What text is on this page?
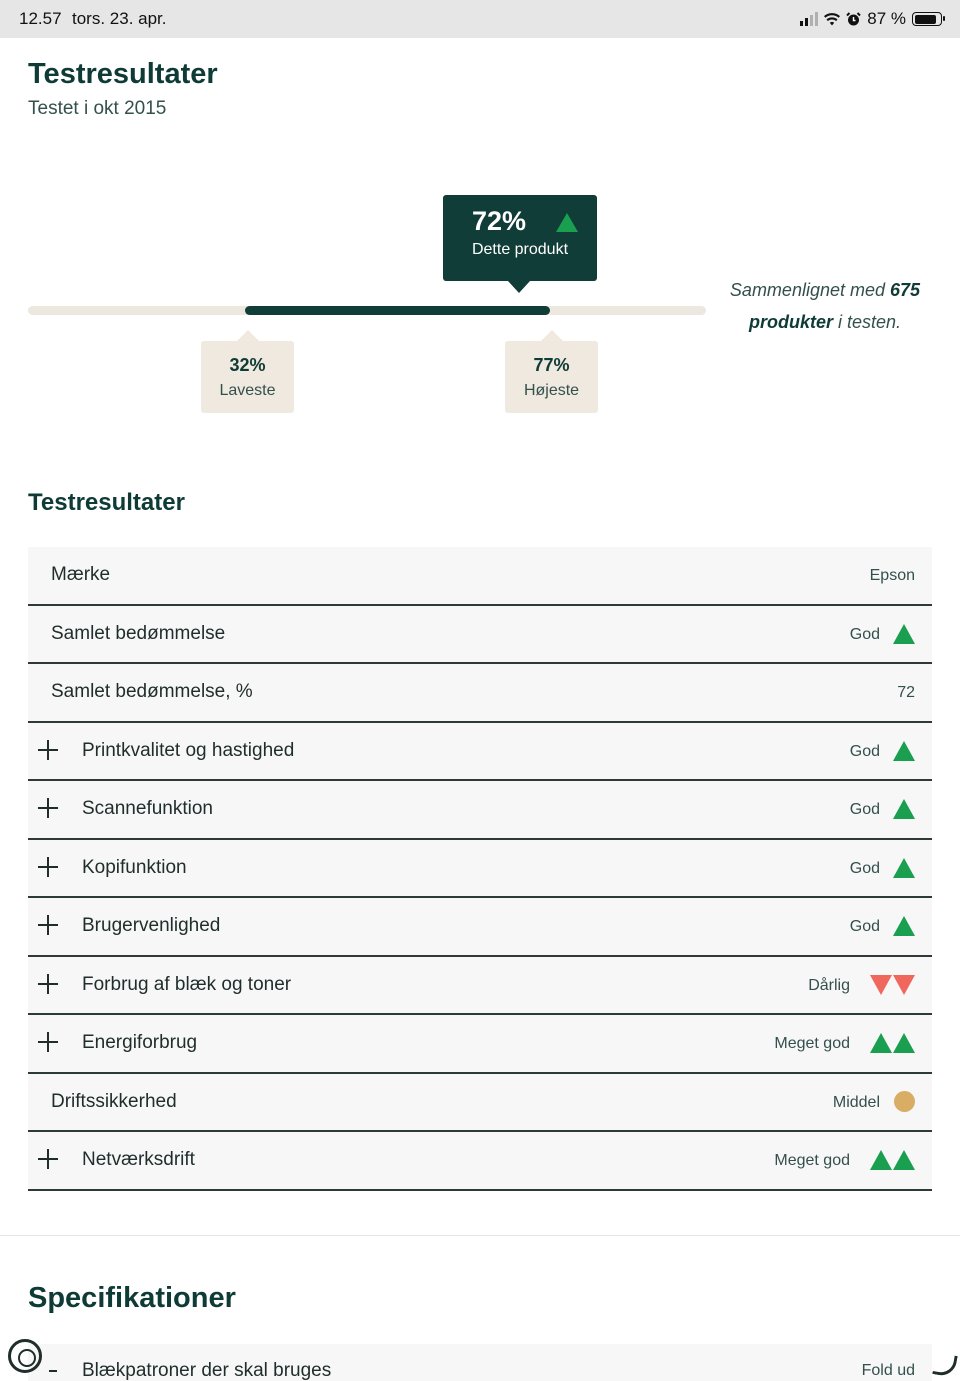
12.57 tors. 23. apr.	87 %
Testresultater
Testet i okt 2015
72%
Dette produkt
32%
Laveste
77%
Højeste
Sammenlignet med 675
produkter i testen.
Testresultater
Mærke	Epson
Samlet bedømmelse	God
Samlet bedømmelse, %	72
Printkvalitet og hastighed	God
Scannefunktion	God
Kopifunktion	God
Brugervenlighed	God
Forbrug af blæk og toner	Dårlig
Energiforbrug	Meget god
Driftssikkerhed	Middel
Netværksdrift	Meget god
Specifikationer
Blækpatroner der skal bruges	Fold ud
